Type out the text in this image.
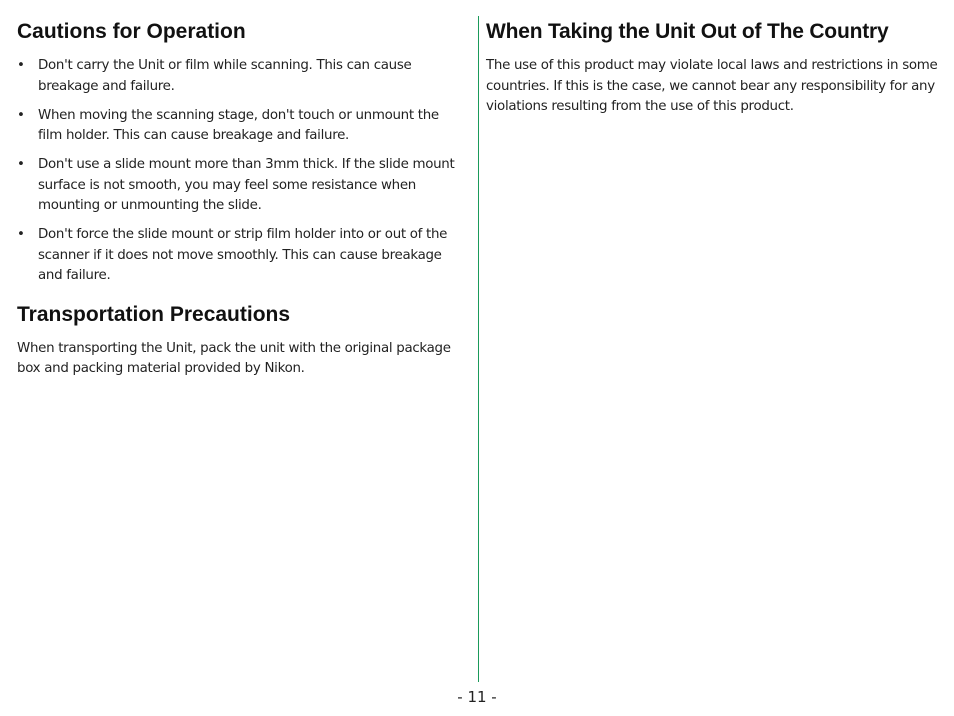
Cautions for Operation
• Don't carry the Unit or film while scanning. This can cause breakage and failure.
• When moving the scanning stage, don't touch or unmount the film holder. This can cause breakage and failure.
• Don't use a slide mount more than 3mm thick. If the slide mount surface is not smooth, you may feel some resistance when mounting or unmounting the slide.
• Don't force the slide mount or strip film holder into or out of the scanner if it does not move smoothly. This can cause breakage and failure.
Transportation Precautions

When transporting the Unit, pack the unit with the original package box and packing material provided by Nikon.

When Taking the Unit Out of The Country

The use of this product may violate local laws and restrictions in some countries. If this is the case, we cannot bear any responsibility for any violations resulting from the use of this product.

- 11 -
